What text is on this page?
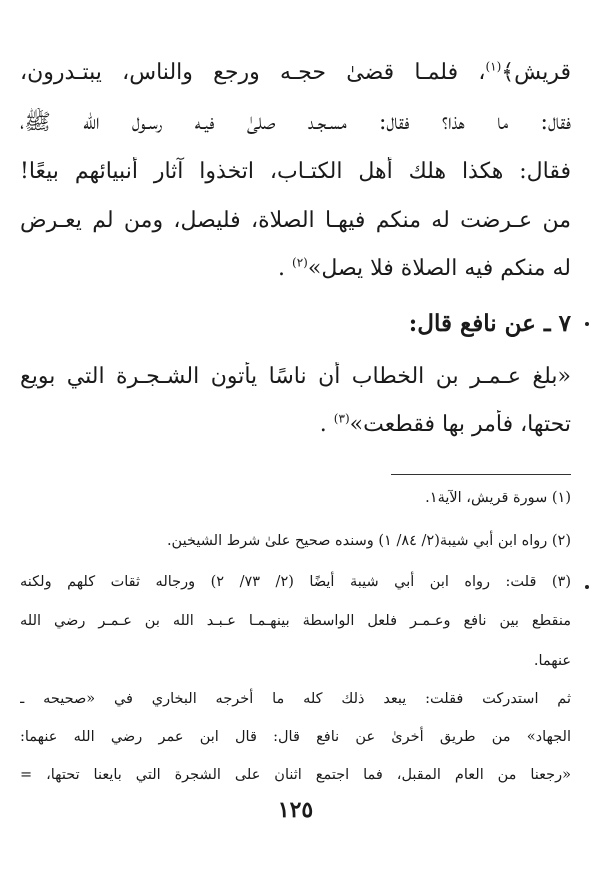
قريش﴾$^{(١)}$، فلمـا قضىٰ حجـه ورجع والناس، يبتـدرون،
فقال: ما هذا؟ فقال: مسـجـد صلىٰ فيـه رسـول الله ﷺ،
فقال: هكذا هلك أهل الكتـاب، اتخذوا آثار أنبيائهم بيعًا!
من عـرضت له منكم فيهـا الصلاة، فليصل، ومن لم يعـرض
له منكم فيه الصلاة فلا يصل»$^{(٢)}$ .
٧ ـ عن نافع قال:
«بلغ عـمـر بن الخطاب أن ناسًا يأتون الشـجـرة التي بويع
تحتها، فأمر بها فقطعت»$^{(٣)}$ .
(١) سورة قريش، الآية١.
(٢) رواه ابن أبي شيبة(٢/ ٨٤/ ١) وسنده صحيح علىٰ شرط الشيخين.
(٣) قلت: رواه ابن أبي شيبة أيضًا (٢/ ٧٣/ ٢) ورجاله ثقات كلهم ولكنه
منقطع بين نافع وعـمـر فلعل الواسطة بينهـمـا عـبـد الله بن عـمـر رضي الله
عنهما.
ثم استدركت فقلت: يبعد ذلك كله ما أخرجه البخاري في «صحيحه ـ
الجهاد» من طريق أخرىٰ عن نافع قال: قال ابن عمر رضي الله عنهما:
«رجعنا من العام المقبل، فما اجتمع اثنان على الشجرة التي بايعنا تحتها، =
١٢٥
